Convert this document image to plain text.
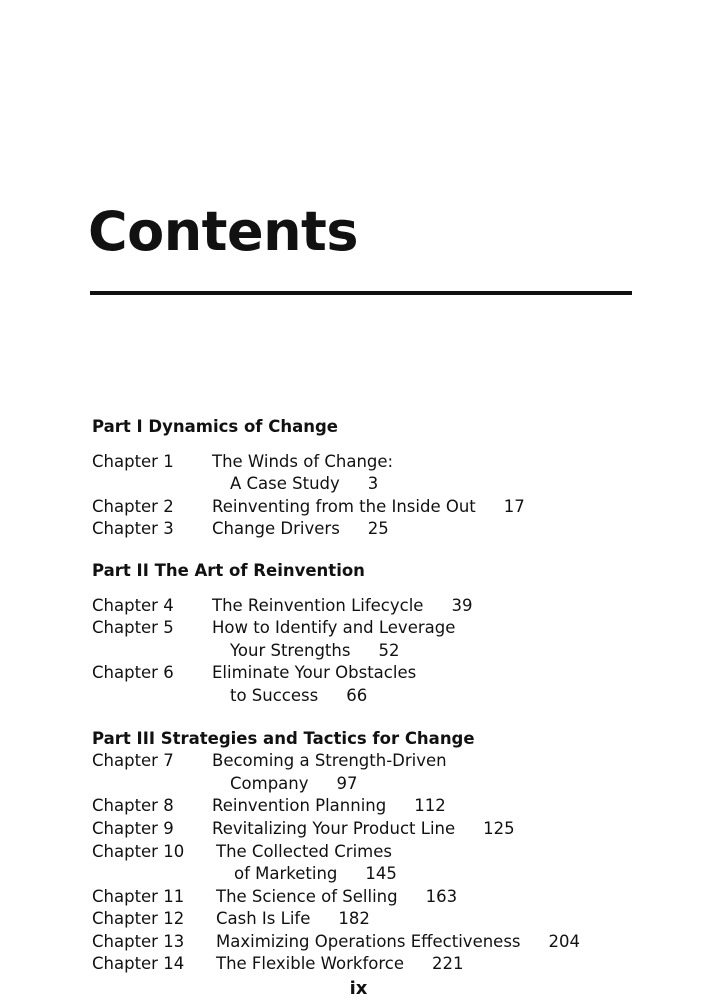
Contents
Part I Dynamics of Change
Chapter 1	The Winds of Change:
A Case Study 3
Chapter 2	Reinventing from the Inside Out 17
Chapter 3	Change Drivers 25
Part II The Art of Reinvention
Chapter 4	The Reinvention Lifecycle 39
Chapter 5	How to Identify and Leverage
Your Strengths 52
Chapter 6	Eliminate Your Obstacles
to Success 66
Part III Strategies and Tactics for Change
Chapter 7	Becoming a Strength-Driven
Company 97
Chapter 8	Reinvention Planning 112
Chapter 9	Revitalizing Your Product Line 125
Chapter 10	The Collected Crimes
of Marketing 145
Chapter 11	The Science of Selling 163
Chapter 12	Cash Is Life 182
Chapter 13	Maximizing Operations Effectiveness 204
Chapter 14	The Flexible Workforce 221
ix
